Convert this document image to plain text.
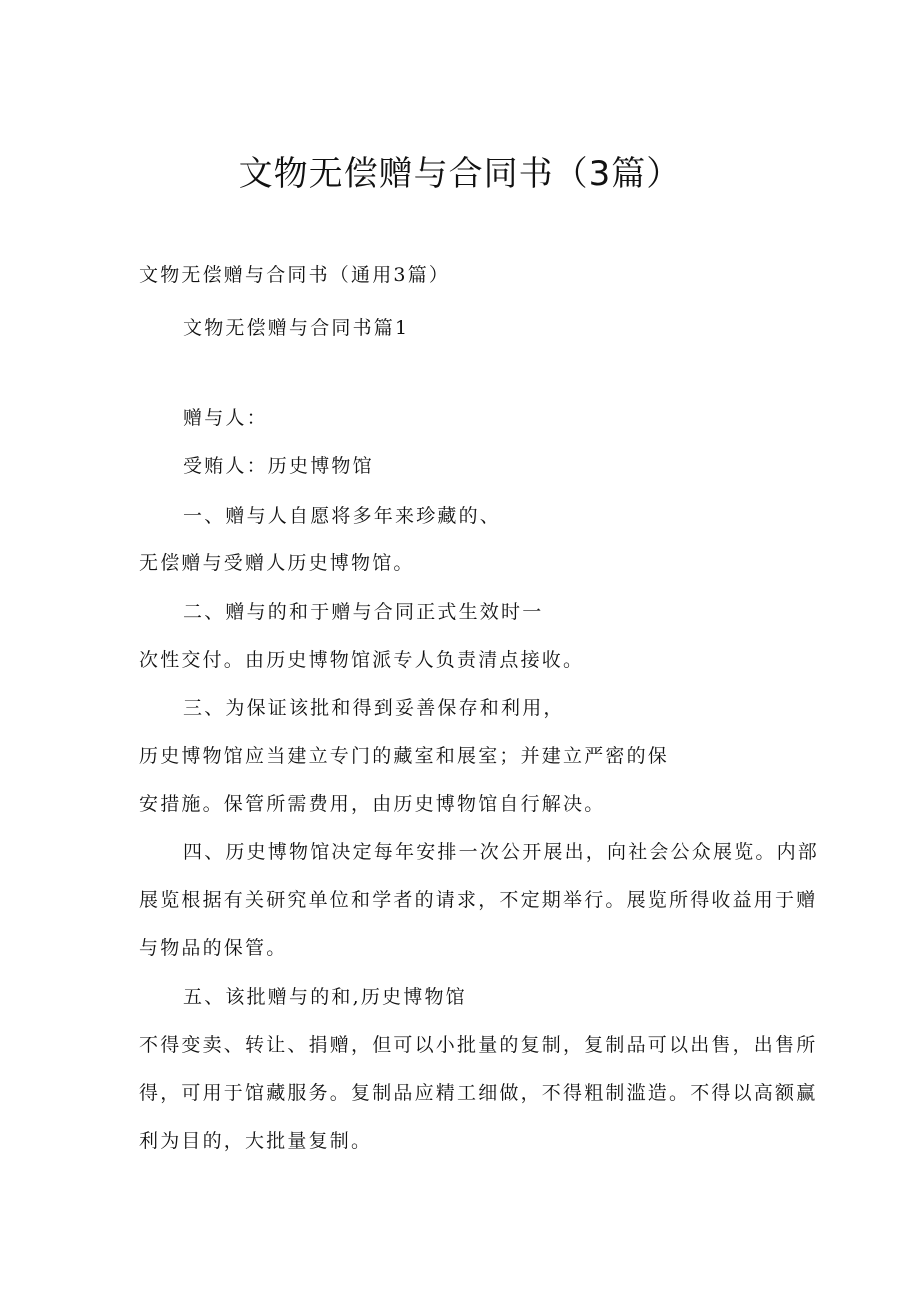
文物无偿赠与合同书（3篇）
文物无偿赠与合同书（通用3篇）
文物无偿赠与合同书篇1
赠与人：
受贿人：历史博物馆
一、赠与人自愿将多年来珍藏的、
无偿赠与受赠人历史博物馆。
二、赠与的和于赠与合同正式生效时一
次性交付。由历史博物馆派专人负责清点接收。
三、为保证该批和得到妥善保存和利用，
历史博物馆应当建立专门的藏室和展室；并建立严密的保
安措施。保管所需费用，由历史博物馆自行解决。
四、历史博物馆决定每年安排一次公开展出，向社会公众展览。内部
展览根据有关研究单位和学者的请求，不定期举行。展览所得收益用于赠
与物品的保管。
五、该批赠与的和,历史博物馆
不得变卖、转让、捐赠，但可以小批量的复制，复制品可以出售，出售所
得，可用于馆藏服务。复制品应精工细做，不得粗制滥造。不得以高额赢
利为目的，大批量复制。
